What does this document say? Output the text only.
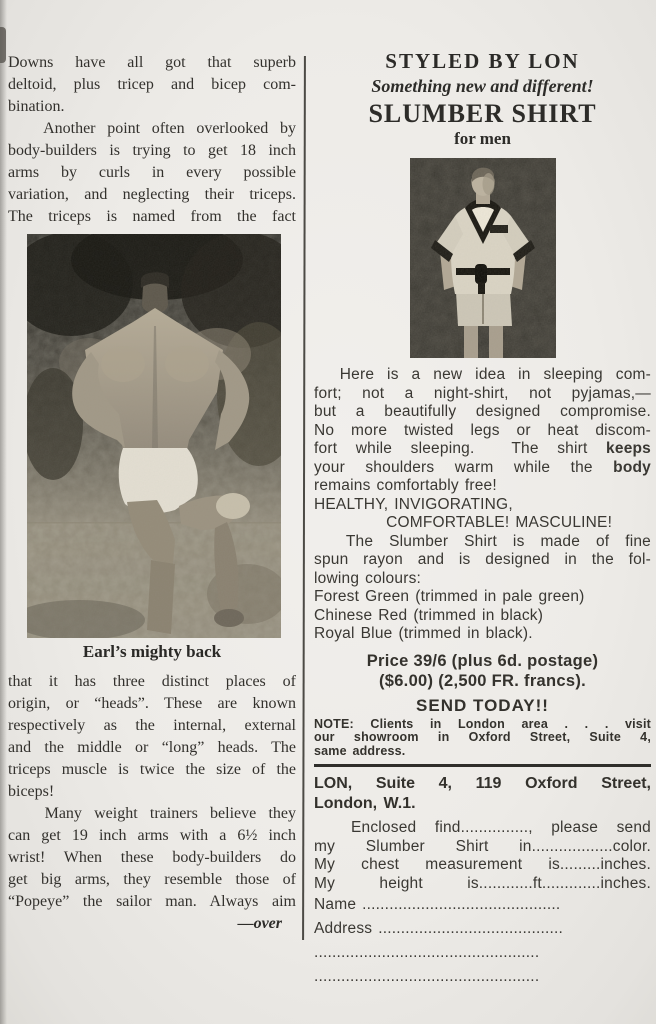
Downs have all got that superb
deltoid, plus tricep and bicep com-
bination.
Another point often overlooked by
body-builders is trying to get 18 inch
arms by curls in every possible
variation, and neglecting their triceps.
The triceps is named from the fact
Earl’s mighty back
that it has three distinct places of
origin, or “heads”. These are known
respectively as the internal, external
and the middle or “long” heads. The
triceps muscle is twice the size of the
biceps!
Many weight trainers believe they
can get 19 inch arms with a 6½ inch
wrist! When these body-builders do
get big arms, they resemble those of
“Popeye” the sailor man. Always aim
—over
STYLED BY LON
Something new and different!
SLUMBER SHIRT
for men
Here is a new idea in sleeping com-
fort; not a night-shirt, not pyjamas,—
but a beautifully designed compromise.
No more twisted legs or heat discom-
fort while sleeping.  The shirt keeps
your shoulders warm while the body
remains comfortably free!
HEALTHY, INVIGORATING,
COMFORTABLE! MASCULINE!
The Slumber Shirt is made of fine
spun rayon and is designed in the fol-
lowing colours:
Forest Green (trimmed in pale green)
Chinese Red (trimmed in black)
Royal Blue (trimmed in black).
Price 39/6 (plus 6d. postage)
($6.00) (2,500 FR. francs).
SEND TODAY!!
NOTE: Clients in London area . . . visit
our showroom in Oxford Street, Suite 4,
same address.
LON, Suite 4, 119 Oxford Street,
London, W.1.
Enclosed find..............., please send
my Slumber Shirt in..................color.
My chest measurement is.........inches.
My height is............ft.............inches.
Name ............................................
Address .........................................
..................................................
..................................................
